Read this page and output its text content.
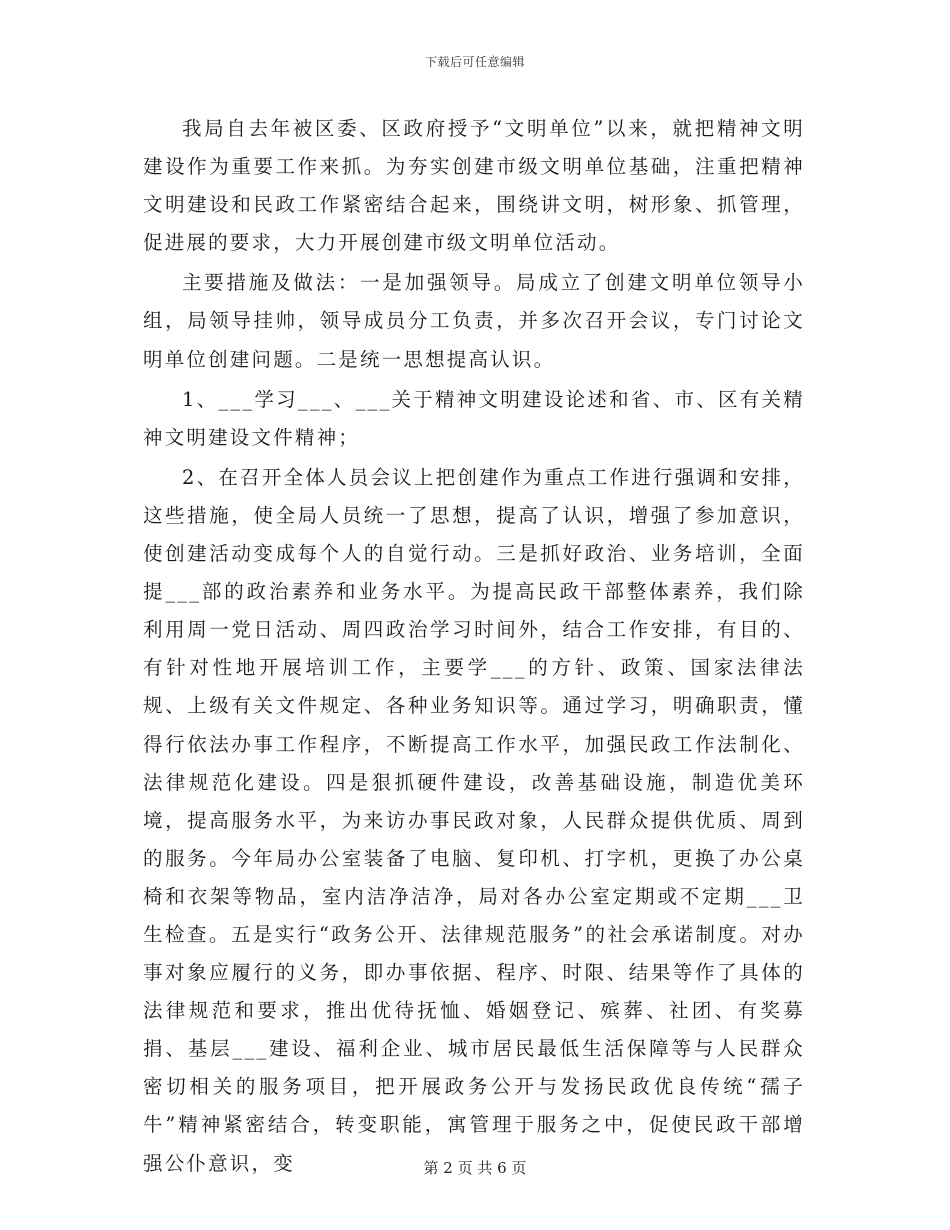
下载后可任意编辑

我局自去年被区委、区政府授予“文明单位”以来，就把精神文明建设作为重要工作来抓。为夯实创建市级文明单位基础，注重把精神文明建设和民政工作紧密结合起来，围绕讲文明，树形象、抓管理，促进展的要求，大力开展创建市级文明单位活动。

主要措施及做法：一是加强领导。局成立了创建文明单位领导小组，局领导挂帅，领导成员分工负责，并多次召开会议，专门讨论文明单位创建问题。二是统一思想提高认识。

1、___学习___、___关于精神文明建设论述和省、市、区有关精神文明建设文件精神；

2、在召开全体人员会议上把创建作为重点工作进行强调和安排，这些措施，使全局人员统一了思想，提高了认识，增强了参加意识，使创建活动变成每个人的自觉行动。三是抓好政治、业务培训，全面提___部的政治素养和业务水平。为提高民政干部整体素养，我们除利用周一党日活动、周四政治学习时间外，结合工作安排，有目的、有针对性地开展培训工作，主要学___的方针、政策、国家法律法规、上级有关文件规定、各种业务知识等。通过学习，明确职责，懂得行依法办事工作程序，不断提高工作水平，加强民政工作法制化、法律规范化建设。四是狠抓硬件建设，改善基础设施，制造优美环境，提高服务水平，为来访办事民政对象，人民群众提供优质、周到的服务。今年局办公室装备了电脑、复印机、打字机，更换了办公桌椅和衣架等物品，室内洁净洁净，局对各办公室定期或不定期___卫生检查。五是实行“政务公开、法律规范服务”的社会承诺制度。对办事对象应履行的义务，即办事依据、程序、时限、结果等作了具体的法律规范和要求，推出优待抚恤、婚姻登记、殡葬、社团、有奖募捐、基层___建设、福利企业、城市居民最低生活保障等与人民群众密切相关的服务项目，把开展政务公开与发扬民政优良传统“孺子牛”精神紧密结合，转变职能，寓管理于服务之中，促使民政干部增强公仆意识，变	第 2 页 共 6 页
